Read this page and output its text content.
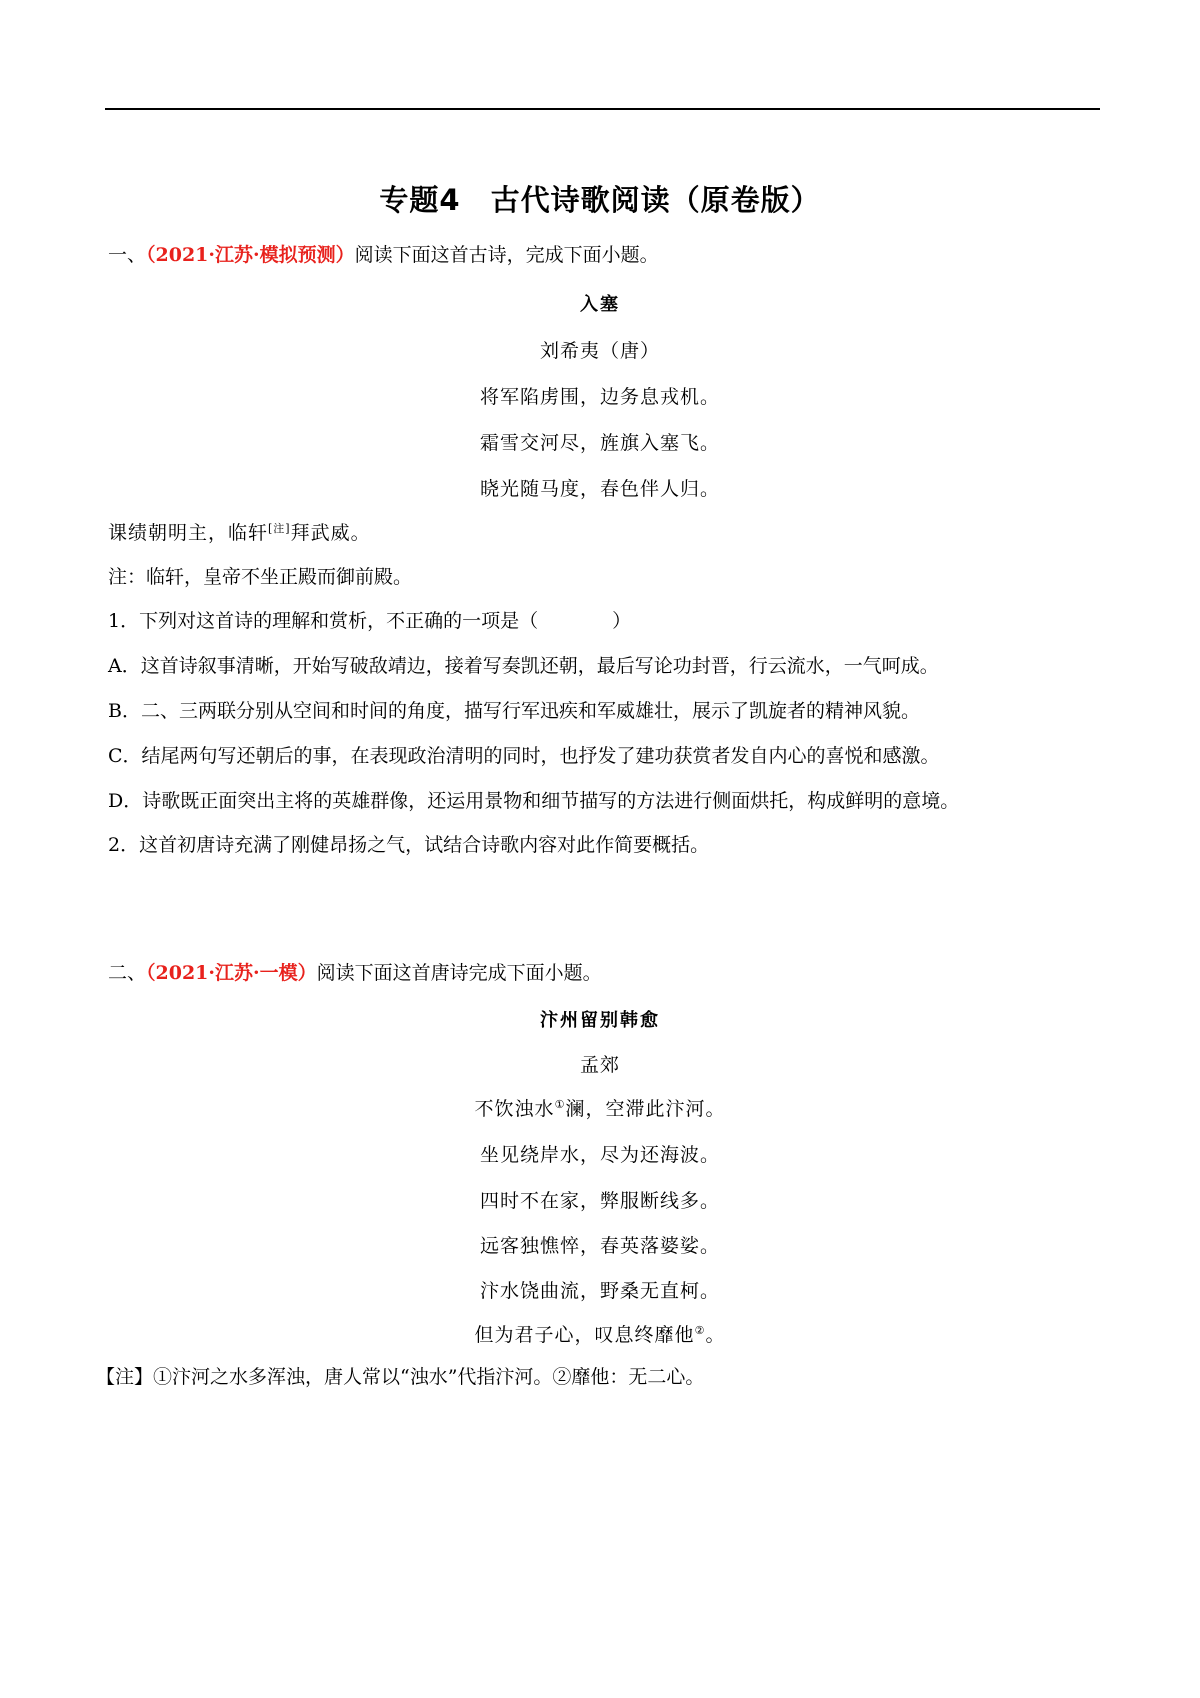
专题4　古代诗歌阅读（原卷版）
一、（2021·江苏·模拟预测）阅读下面这首古诗，完成下面小题。
入塞
刘希夷（唐）
将军陷虏围，边务息戎机。
霜雪交河尽，旌旗入塞飞。
晓光随马度，春色伴人归。
课绩朝明主，临轩[注]拜武威。
注：临轩，皇帝不坐正殿而御前殿。
1．下列对这首诗的理解和赏析，不正确的一项是（	）
A．这首诗叙事清晰，开始写破敌靖边，接着写奏凯还朝，最后写论功封晋，行云流水，一气呵成。
B．二、三两联分别从空间和时间的角度，描写行军迅疾和军威雄壮，展示了凯旋者的精神风貌。
C．结尾两句写还朝后的事，在表现政治清明的同时，也抒发了建功获赏者发自内心的喜悦和感激。
D．诗歌既正面突出主将的英雄群像，还运用景物和细节描写的方法进行侧面烘托，构成鲜明的意境。
2．这首初唐诗充满了刚健昂扬之气，试结合诗歌内容对此作简要概括。
二、（2021·江苏·一模）阅读下面这首唐诗完成下面小题。
汴州留别韩愈
孟郊
不饮浊水①澜，空滞此汴河。
坐见绕岸水，尽为还海波。
四时不在家，弊服断线多。
远客独憔悴，春英落婆娑。
汴水饶曲流，野桑无直柯。
但为君子心，叹息终靡他②。
【注】①汴河之水多浑浊，唐人常以“浊水”代指汴河。②靡他：无二心。
